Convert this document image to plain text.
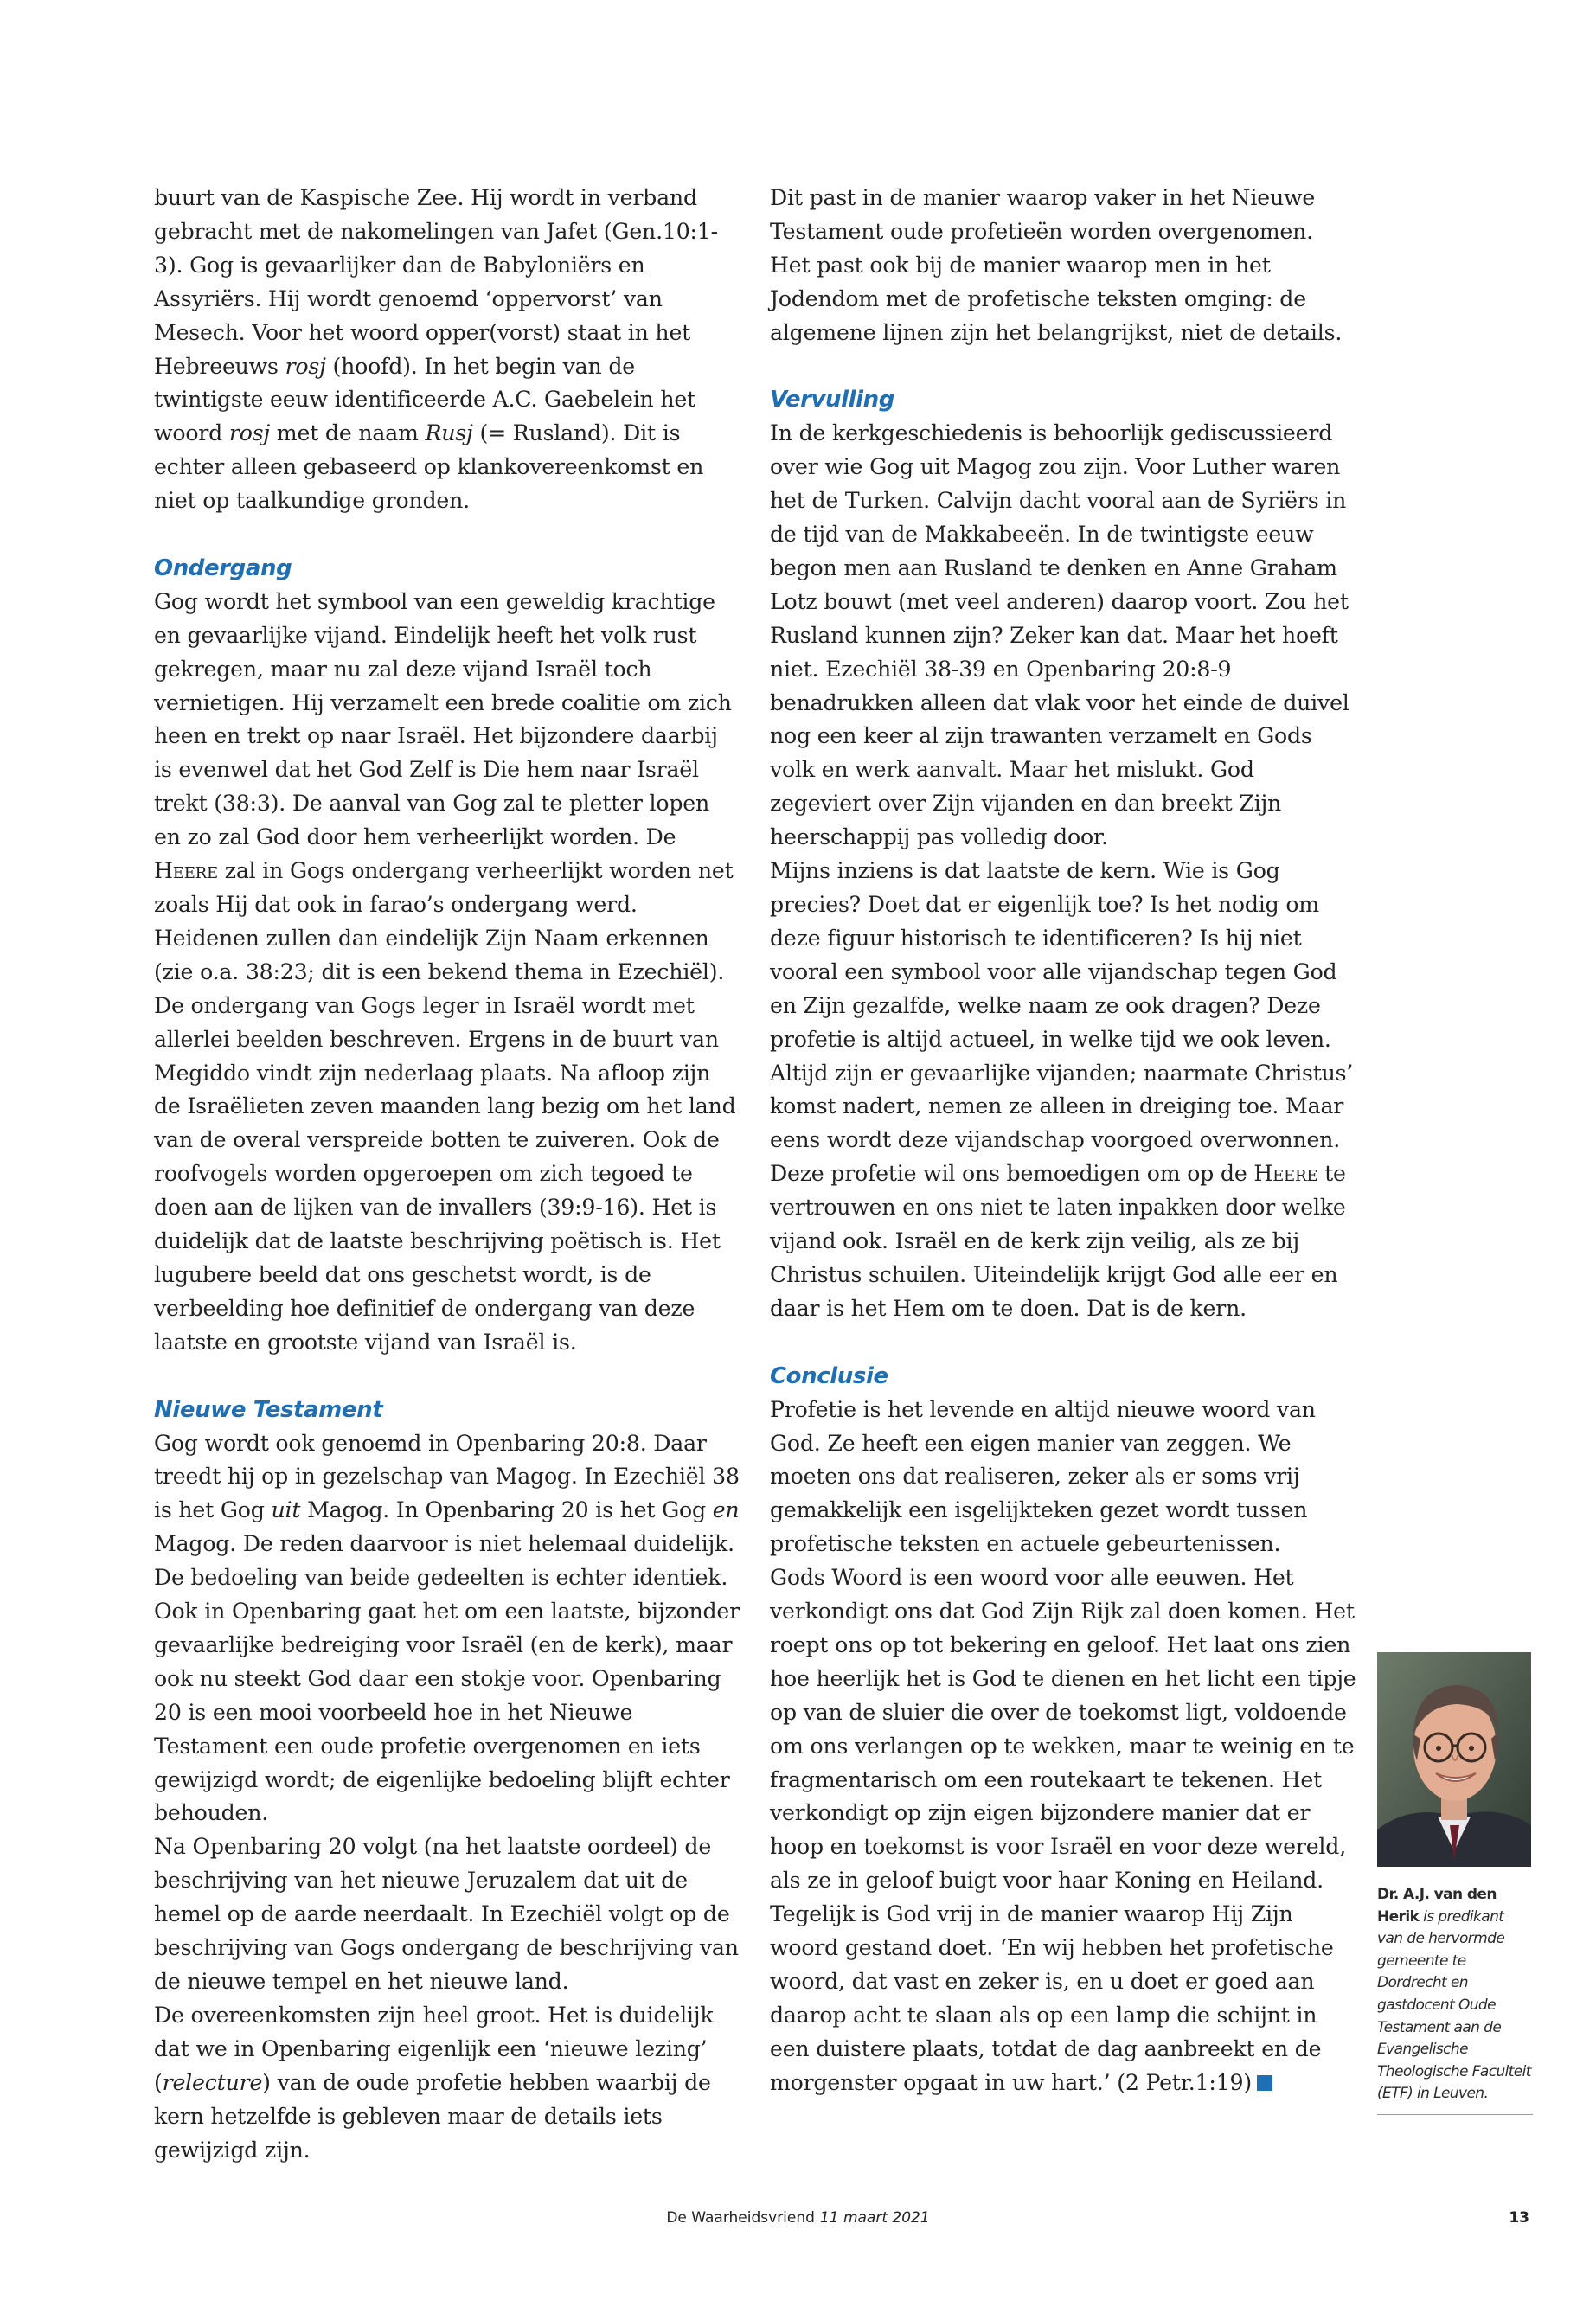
buurt van de Kaspische Zee. Hij wordt in verband gebracht met de nakomelingen van Jafet (Gen.10:1-3). Gog is gevaarlijker dan de Babyloniërs en Assyriërs. Hij wordt genoemd ‘oppervorst’ van Mesech. Voor het woord opper(vorst) staat in het Hebreeuws rosj (hoofd). In het begin van de twintigste eeuw identificeerde A.C. Gaebelein het woord rosj met de naam Rusj (= Rusland). Dit is echter alleen gebaseerd op klankovereenkomst en niet op taalkundige gronden.

Ondergang

Gog wordt het symbool van een geweldig krachtige en gevaarlijke vijand. Eindelijk heeft het volk rust gekregen, maar nu zal deze vijand Israël toch vernietigen. Hij verzamelt een brede coalitie om zich heen en trekt op naar Israël. Het bijzondere daarbij is evenwel dat het God Zelf is Die hem naar Israël trekt (38:3). De aanval van Gog zal te pletter lopen en zo zal God door hem verheerlijkt worden. De Heere zal in Gogs ondergang verheerlijkt worden net zoals Hij dat ook in farao’s ondergang werd. Heidenen zullen dan eindelijk Zijn Naam erkennen (zie o.a. 38:23; dit is een bekend thema in Ezechiël). De ondergang van Gogs leger in Israël wordt met allerlei beelden beschreven. Ergens in de buurt van Megiddo vindt zijn nederlaag plaats. Na afloop zijn de Israëlieten zeven maanden lang bezig om het land van de overal verspreide botten te zuiveren. Ook de roofvogels worden opgeroepen om zich tegoed te doen aan de lijken van de invallers (39:9-16). Het is duidelijk dat de laatste beschrijving poëtisch is. Het lugubere beeld dat ons geschetst wordt, is de verbeelding hoe definitief de ondergang van deze laatste en grootste vijand van Israël is.

Nieuwe Testament

Gog wordt ook genoemd in Openbaring 20:8. Daar treedt hij op in gezelschap van Magog. In Ezechiël 38 is het Gog uit Magog. In Openbaring 20 is het Gog en Magog. De reden daarvoor is niet helemaal duidelijk. De bedoeling van beide gedeelten is echter identiek. Ook in Openbaring gaat het om een laatste, bijzonder gevaarlijke bedreiging voor Israël (en de kerk), maar ook nu steekt God daar een stokje voor. Openbaring 20 is een mooi voorbeeld hoe in het Nieuwe Testament een oude profetie overgenomen en iets gewijzigd wordt; de eigenlijke bedoeling blijft echter behouden.

Na Openbaring 20 volgt (na het laatste oordeel) de beschrijving van het nieuwe Jeruzalem dat uit de hemel op de aarde neerdaalt. In Ezechiël volgt op de beschrijving van Gogs ondergang de beschrijving van de nieuwe tempel en het nieuwe land.

De overeenkomsten zijn heel groot. Het is duidelijk dat we in Openbaring eigenlijk een ‘nieuwe lezing’ (relecture) van de oude profetie hebben waarbij de kern hetzelfde is gebleven maar de details iets gewijzigd zijn.

Dit past in de manier waarop vaker in het Nieuwe Testament oude profetieën worden overgenomen. Het past ook bij de manier waarop men in het Jodendom met de profetische teksten omging: de algemene lijnen zijn het belangrijkst, niet de details.

Vervulling

In de kerkgeschiedenis is behoorlijk gediscussieerd over wie Gog uit Magog zou zijn. Voor Luther waren het de Turken. Calvijn dacht vooral aan de Syriërs in de tijd van de Makkabeeën. In de twintigste eeuw begon men aan Rusland te denken en Anne Graham Lotz bouwt (met veel anderen) daarop voort. Zou het Rusland kunnen zijn? Zeker kan dat. Maar het hoeft niet. Ezechiël 38-39 en Openbaring 20:8-9 benadrukken alleen dat vlak voor het einde de duivel nog een keer al zijn trawanten verzamelt en Gods volk en werk aanvalt. Maar het mislukt. God zegeviert over Zijn vijanden en dan breekt Zijn heerschappij pas volledig door.

Mijns inziens is dat laatste de kern. Wie is Gog precies? Doet dat er eigenlijk toe? Is het nodig om deze figuur historisch te identificeren? Is hij niet vooral een symbool voor alle vijandschap tegen God en Zijn gezalfde, welke naam ze ook dragen? Deze profetie is altijd actueel, in welke tijd we ook leven. Altijd zijn er gevaarlijke vijanden; naarmate Christus’ komst nadert, nemen ze alleen in dreiging toe. Maar eens wordt deze vijandschap voorgoed overwonnen. Deze profetie wil ons bemoedigen om op de Heere te vertrouwen en ons niet te laten inpakken door welke vijand ook. Israël en de kerk zijn veilig, als ze bij Christus schuilen. Uiteindelijk krijgt God alle eer en daar is het Hem om te doen. Dat is de kern.

Conclusie

Profetie is het levende en altijd nieuwe woord van God. Ze heeft een eigen manier van zeggen. We moeten ons dat realiseren, zeker als er soms vrij gemakkelijk een isgelijkteken gezet wordt tussen profetische teksten en actuele gebeurtenissen.

Gods Woord is een woord voor alle eeuwen. Het verkondigt ons dat God Zijn Rijk zal doen komen. Het roept ons op tot bekering en geloof. Het laat ons zien hoe heerlijk het is God te dienen en het licht een tipje op van de sluier die over de toekomst ligt, voldoende om ons verlangen op te wekken, maar te weinig en te fragmentarisch om een routekaart te tekenen. Het verkondigt op zijn eigen bijzondere manier dat er hoop en toekomst is voor Israël en voor deze wereld, als ze in geloof buigt voor haar Koning en Heiland. Tegelijk is God vrij in de manier waarop Hij Zijn woord gestand doet. ‘En wij hebben het profetische woord, dat vast en zeker is, en u doet er goed aan daarop acht te slaan als op een lamp die schijnt in een duistere plaats, totdat de dag aanbreekt en de morgenster opgaat in uw hart.’ (2 Petr.1:19)

Dr. A.J. van den Herik is predikant van de hervormde gemeente te Dordrecht en gastdocent Oude Testament aan de Evangelische Theologische Faculteit (ETF) in Leuven.
De Waarheidsvriend 11 maart 2021	13
